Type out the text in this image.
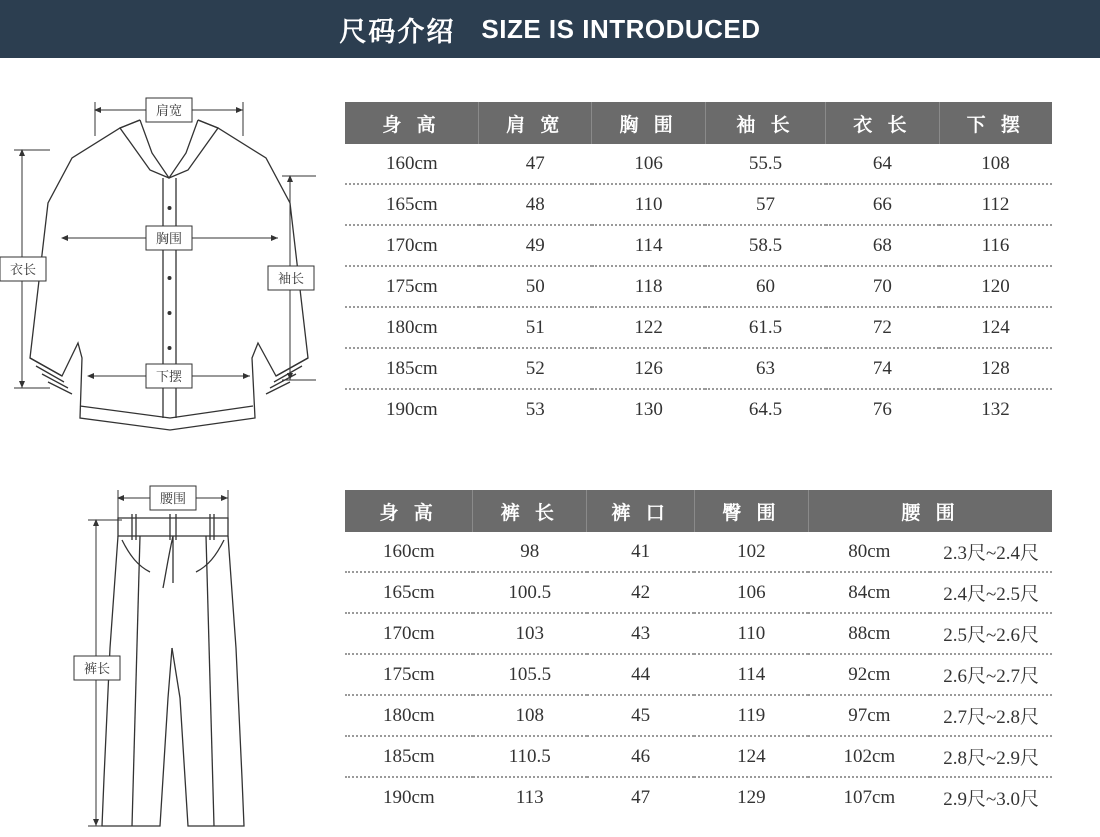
尺码介绍 SIZE IS INTRODUCED
肩宽
胸围
下摆
衣长
袖长
身 高	肩 宽	胸 围	袖 长	衣 长	下 摆
160cm	47	106	55.5	64	108
165cm	48	110	57	66	112
170cm	49	114	58.5	68	116
175cm	50	118	60	70	120
180cm	51	122	61.5	72	124
185cm	52	126	63	74	128
190cm	53	130	64.5	76	132
腰围
裤长
身 高	裤 长	裤 口	臀 围	腰 围	
160cm	98	41	102	80cm	2.3尺~2.4尺
165cm	100.5	42	106	84cm	2.4尺~2.5尺
170cm	103	43	110	88cm	2.5尺~2.6尺
175cm	105.5	44	114	92cm	2.6尺~2.7尺
180cm	108	45	119	97cm	2.7尺~2.8尺
185cm	110.5	46	124	102cm	2.8尺~2.9尺
190cm	113	47	129	107cm	2.9尺~3.0尺
